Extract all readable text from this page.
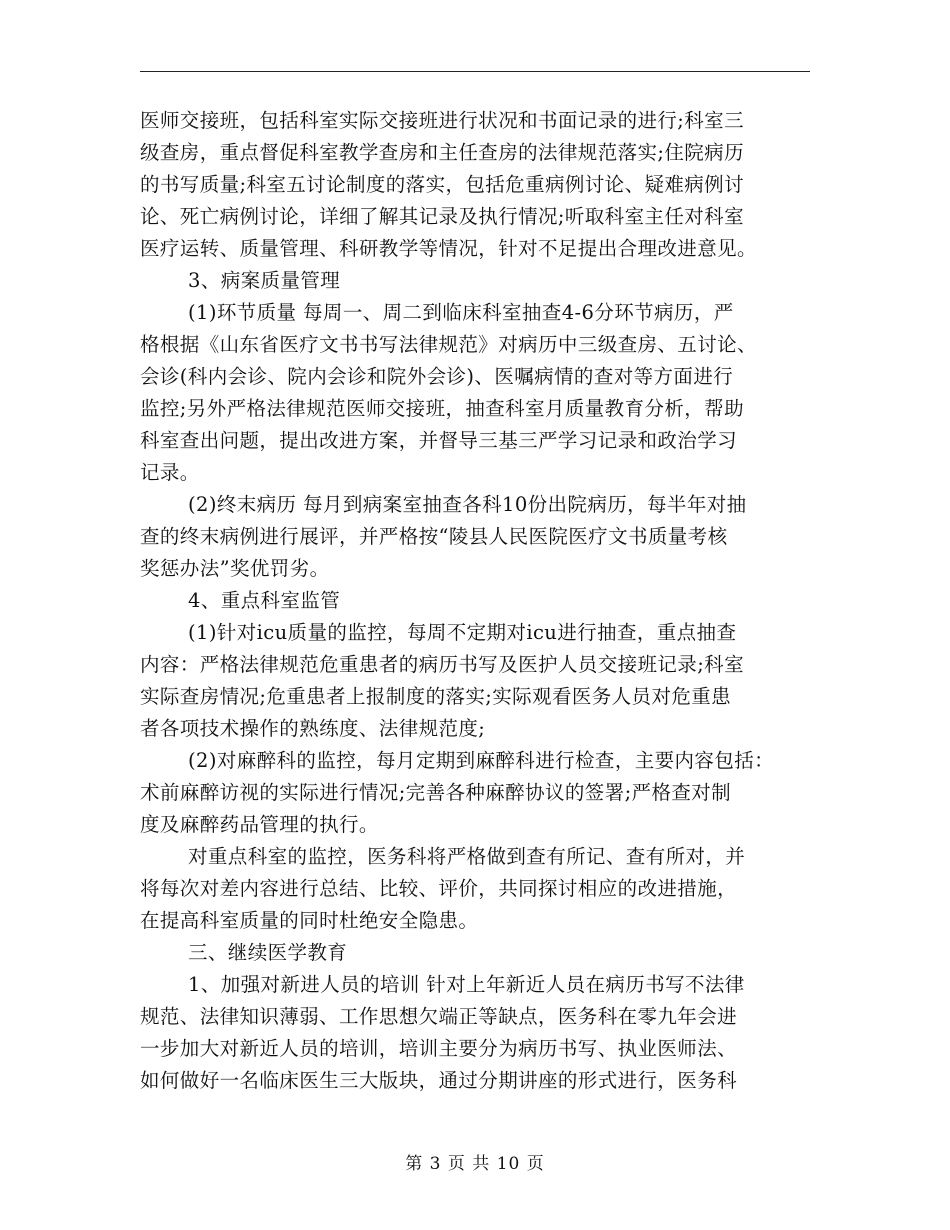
医师交接班，包括科室实际交接班进行状况和书面记录的进行;科室三
级查房，重点督促科室教学查房和主任查房的法律规范落实;住院病历
的书写质量;科室五讨论制度的落实，包括危重病例讨论、疑难病例讨
论、死亡病例讨论，详细了解其记录及执行情况;听取科室主任对科室
医疗运转、质量管理、科研教学等情况，针对不足提出合理改进意见。
3、病案质量管理
(1)环节质量 每周一、周二到临床科室抽查4-6分环节病历，严
格根据《山东省医疗文书书写法律规范》对病历中三级查房、五讨论、
会诊(科内会诊、院内会诊和院外会诊)、医嘱病情的查对等方面进行
监控;另外严格法律规范医师交接班，抽查科室月质量教育分析，帮助
科室查出问题，提出改进方案，并督导三基三严学习记录和政治学习
记录。
(2)终末病历 每月到病案室抽查各科10份出院病历，每半年对抽
查的终末病例进行展评，并严格按“陵县人民医院医疗文书质量考核
奖惩办法”奖优罚劣。
4、重点科室监管
(1)针对icu质量的监控，每周不定期对icu进行抽查，重点抽查
内容：严格法律规范危重患者的病历书写及医护人员交接班记录;科室
实际查房情况;危重患者上报制度的落实;实际观看医务人员对危重患
者各项技术操作的熟练度、法律规范度;
(2)对麻醉科的监控，每月定期到麻醉科进行检查，主要内容包括：
术前麻醉访视的实际进行情况;完善各种麻醉协议的签署;严格查对制
度及麻醉药品管理的执行。
对重点科室的监控，医务科将严格做到查有所记、查有所对，并
将每次对差内容进行总结、比较、评价，共同探讨相应的改进措施，
在提高科室质量的同时杜绝安全隐患。
三、继续医学教育
1、加强对新进人员的培训 针对上年新近人员在病历书写不法律
规范、法律知识薄弱、工作思想欠端正等缺点，医务科在零九年会进
一步加大对新近人员的培训，培训主要分为病历书写、执业医师法、
如何做好一名临床医生三大版块，通过分期讲座的形式进行，医务科
第 3 页 共 10 页
